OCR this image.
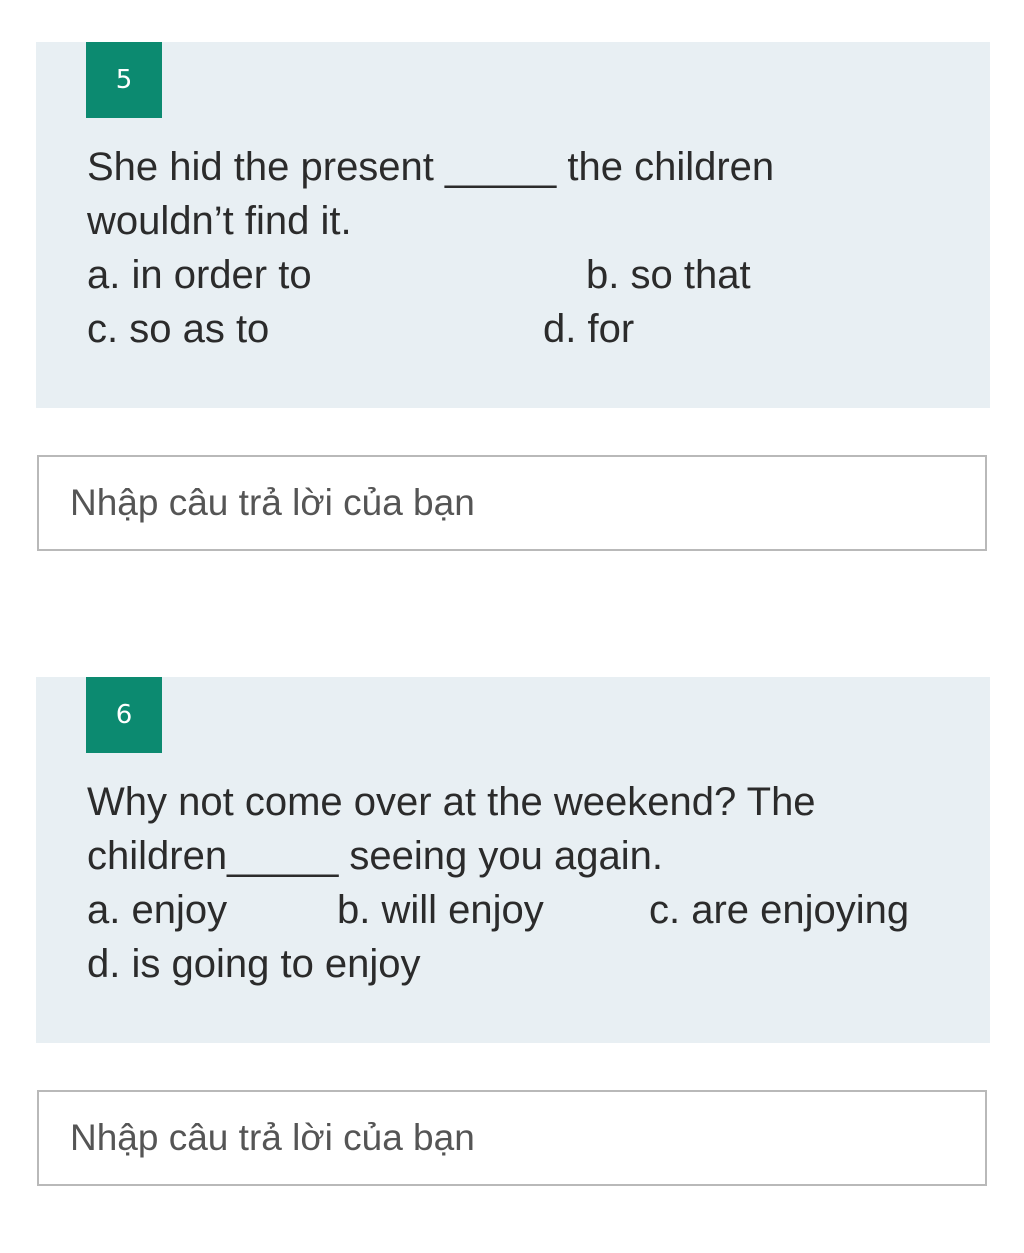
5
She hid the present _____ the children
wouldn’t find it.
a. in order to	b. so that
c. so as to	d. for
Nhập câu trả lời của bạn
6
Why not come over at the weekend? The
children_____ seeing you again.
a. enjoy	b. will enjoy	c. are enjoying
d. is going to enjoy
Nhập câu trả lời của bạn
